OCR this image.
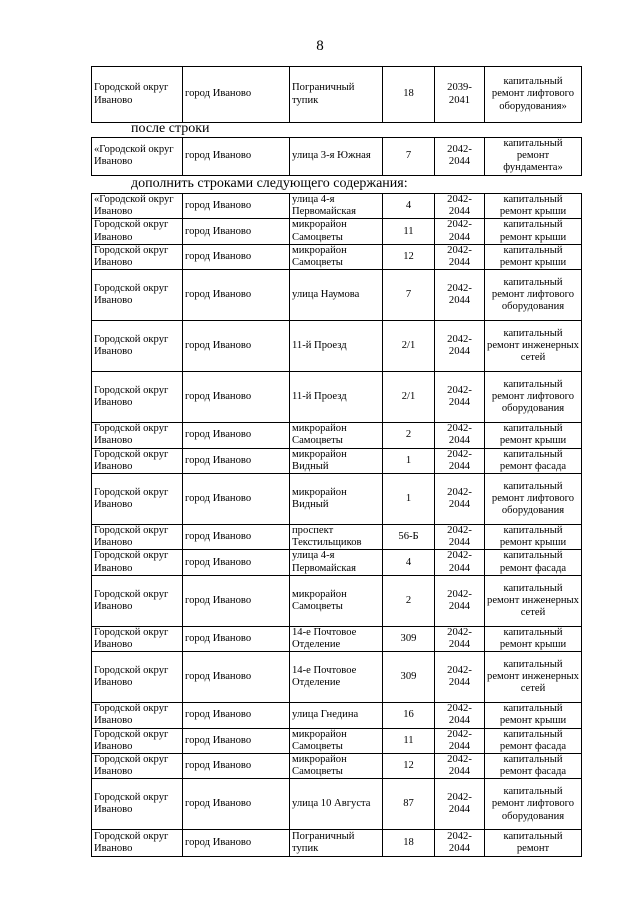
8
Городской округ Иваново	город Иваново	Пограничный тупик	18	2039-2041	капитальный ремонт лифтового оборудования»
после строки
«Городской округ Иваново	город Иваново	улица 3-я Южная	7	2042-2044	капитальный ремонт фундамента»
дополнить строками следующего содержания:
«Городской округ Иваново	город Иваново	улица 4-я Первомайская	4	2042-2044	капитальный ремонт крыши
Городской округ Иваново	город Иваново	микрорайон Самоцветы	11	2042-2044	капитальный ремонт крыши
Городской округ Иваново	город Иваново	микрорайон Самоцветы	12	2042-2044	капитальный ремонт крыши
Городской округ Иваново	город Иваново	улица Наумова	7	2042-2044	капитальный ремонт лифтового оборудования
Городской округ Иваново	город Иваново	11-й Проезд	2/1	2042-2044	капитальный ремонт инженерных сетей
Городской округ Иваново	город Иваново	11-й Проезд	2/1	2042-2044	капитальный ремонт лифтового оборудования
Городской округ Иваново	город Иваново	микрорайон Самоцветы	2	2042-2044	капитальный ремонт крыши
Городской округ Иваново	город Иваново	микрорайон Видный	1	2042-2044	капитальный ремонт фасада
Городской округ Иваново	город Иваново	микрорайон Видный	1	2042-2044	капитальный ремонт лифтового оборудования
Городской округ Иваново	город Иваново	проспект Текстильщиков	56-Б	2042-2044	капитальный ремонт крыши
Городской округ Иваново	город Иваново	улица 4-я Первомайская	4	2042-2044	капитальный ремонт фасада
Городской округ Иваново	город Иваново	микрорайон Самоцветы	2	2042-2044	капитальный ремонт инженерных сетей
Городской округ Иваново	город Иваново	14-е Почтовое Отделение	309	2042-2044	капитальный ремонт крыши
Городской округ Иваново	город Иваново	14-е Почтовое Отделение	309	2042-2044	капитальный ремонт инженерных сетей
Городской округ Иваново	город Иваново	улица Гнедина	16	2042-2044	капитальный ремонт крыши
Городской округ Иваново	город Иваново	микрорайон Самоцветы	11	2042-2044	капитальный ремонт фасада
Городской округ Иваново	город Иваново	микрорайон Самоцветы	12	2042-2044	капитальный ремонт фасада
Городской округ Иваново	город Иваново	улица 10 Августа	87	2042-2044	капитальный ремонт лифтового оборудования
Городской округ Иваново	город Иваново	Пограничный тупик	18	2042-2044	капитальный ремонт
